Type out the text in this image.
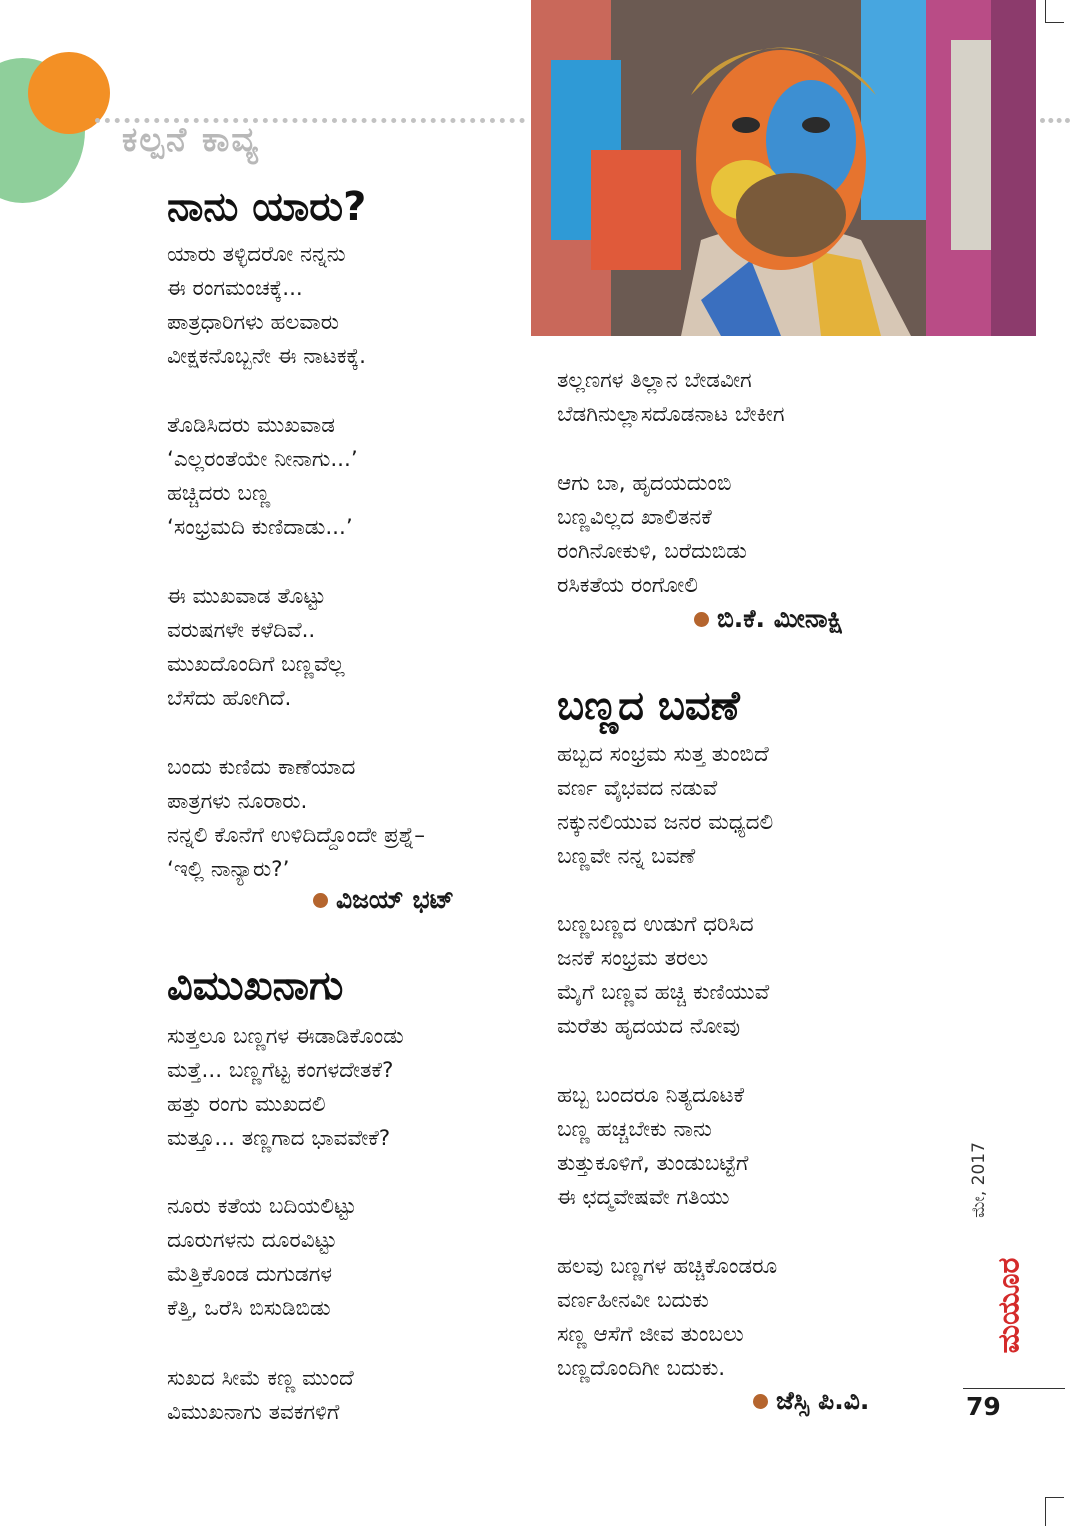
ಕಲ್ಪನೆ ಕಾವ್ಯ
ನಾನು ಯಾರು?
ಯಾರು ತಳ್ಳಿದರೋ ನನ್ನನು
ಈ ರಂಗಮಂಚಕ್ಕೆ...
ಪಾತ್ರಧಾರಿಗಳು ಹಲವಾರು
ವೀಕ್ಷಕನೊಬ್ಬನೇ ಈ ನಾಟಕಕ್ಕೆ.
ತೊಡಿಸಿದರು ಮುಖವಾಡ
‘ಎಲ್ಲರಂತೆಯೇ ನೀನಾಗು...’
ಹಚ್ಚಿದರು ಬಣ್ಣ
‘ಸಂಭ್ರಮದಿ ಕುಣಿದಾಡು...’
ಈ ಮುಖವಾಡ ತೊಟ್ಟು
ವರುಷಗಳೇ ಕಳೆದಿವೆ..
ಮುಖದೊಂದಿಗೆ ಬಣ್ಣವೆಲ್ಲ
ಬೆಸೆದು ಹೋಗಿದೆ.
ಬಂದು ಕುಣಿದು ಕಾಣೆಯಾದ
ಪಾತ್ರಗಳು ನೂರಾರು.
ನನ್ನಲಿ ಕೊನೆಗೆ ಉಳಿದಿದ್ದೊಂದೇ ಪ್ರಶ್ನೆ–
‘ಇಲ್ಲಿ ನಾನ್ಯಾರು?’
ವಿಜಯ್ ಭಟ್
ವಿಮುಖನಾಗು
ಸುತ್ತಲೂ ಬಣ್ಣಗಳ ಈಡಾಡಿಕೊಂಡು
ಮತ್ತೆ... ಬಣ್ಣಗೆಟ್ಟ ಕಂಗಳದೇತಕೆ?
ಹತ್ತು ರಂಗು ಮುಖದಲಿ
ಮತ್ತೂ... ತಣ್ಣಗಾದ ಭಾವವೇಕೆ?
ನೂರು ಕತೆಯ ಬದಿಯಲಿಟ್ಟು
ದೂರುಗಳನು ದೂರವಿಟ್ಟು
ಮೆತ್ತಿಕೊಂಡ ದುಗುಡಗಳ
ಕೆತ್ತಿ, ಒರೆಸಿ ಬಿಸುಡಿಬಿಡು
ಸುಖದ ಸೀಮೆ ಕಣ್ಣ ಮುಂದೆ
ವಿಮುಖನಾಗು ತವಕಗಳಿಗೆ
ತಲ್ಲಣಗಳ ತಿಲ್ಲಾನ ಬೇಡವೀಗ
ಬೆಡಗಿನುಲ್ಲಾಸದೊಡನಾಟ ಬೇಕೀಗ
ಆಗು ಬಾ, ಹೃದಯದುಂಬಿ
ಬಣ್ಣವಿಲ್ಲದ ಖಾಲಿತನಕೆ
ರಂಗಿನೋಕುಳಿ, ಬರೆದುಬಿಡು
ರಸಿಕತೆಯ ರಂಗೋಲಿ
ಬಿ.ಕೆ. ಮೀನಾಕ್ಷಿ
ಬಣ್ಣದ ಬವಣೆ
ಹಬ್ಬದ ಸಂಭ್ರಮ ಸುತ್ತ ತುಂಬಿದೆ
ವರ್ಣ ವೈಭವದ ನಡುವೆ
ನಕ್ಕುನಲಿಯುವ ಜನರ ಮಧ್ಯದಲಿ
ಬಣ್ಣವೇ ನನ್ನ ಬವಣೆ
ಬಣ್ಣಬಣ್ಣದ ಉಡುಗೆ ಧರಿಸಿದ
ಜನಕೆ ಸಂಭ್ರಮ ತರಲು
ಮೈಗೆ ಬಣ್ಣವ ಹಚ್ಚಿ ಕುಣಿಯುವೆ
ಮರೆತು ಹೃದಯದ ನೋವು
ಹಬ್ಬ ಬಂದರೂ ನಿತ್ಯದೂಟಕೆ
ಬಣ್ಣ ಹಚ್ಚಬೇಕು ನಾನು
ತುತ್ತುಕೂಳಿಗೆ, ತುಂಡುಬಟ್ಟೆಗೆ
ಈ ಛದ್ಮವೇಷವೇ ಗತಿಯು
ಹಲವು ಬಣ್ಣಗಳ ಹಚ್ಚಿಕೊಂಡರೂ
ವರ್ಣಹೀನವೀ ಬದುಕು
ಸಣ್ಣ ಆಸೆಗೆ ಜೀವ ತುಂಬಲು
ಬಣ್ಣದೊಂದಿಗೀ ಬದುಕು.
ಜೆಸ್ಸಿ ಪಿ.ವಿ.
ಮಯೂರ
ಮೇ, 2017
79
